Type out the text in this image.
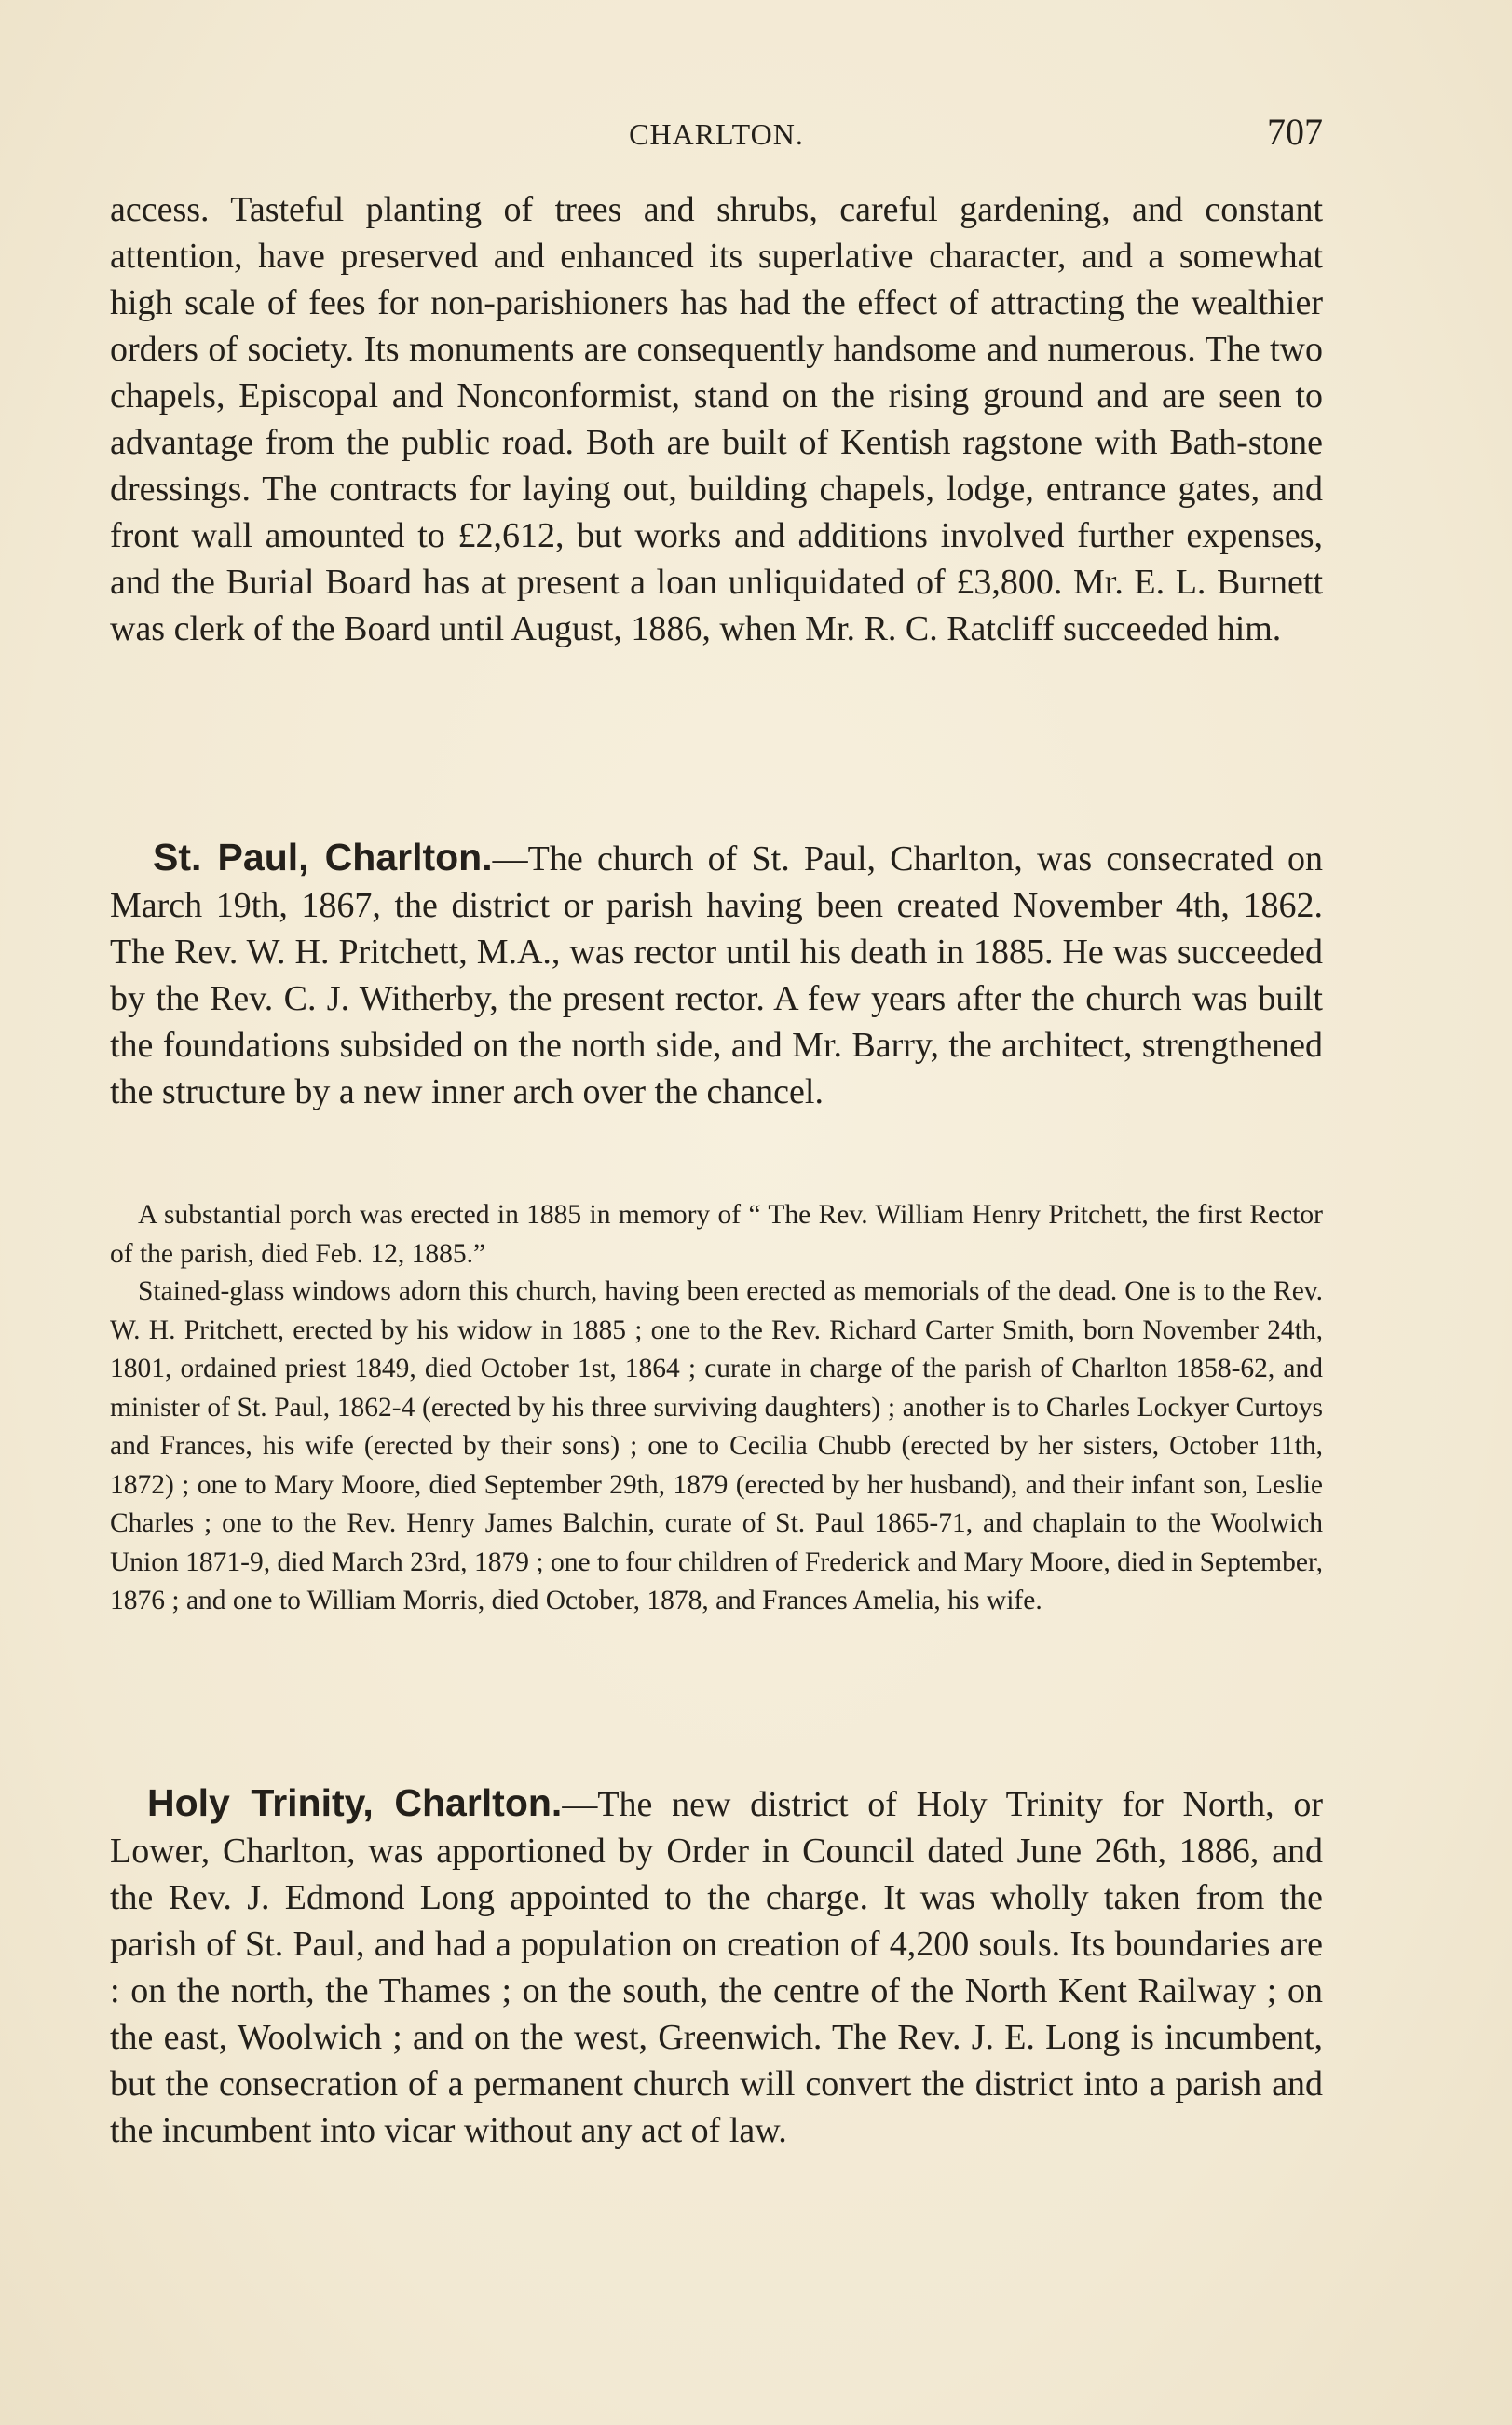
CHARLTON.	707

access. Tasteful planting of trees and shrubs, careful gardening, and constant attention, have preserved and enhanced its superlative character, and a somewhat high scale of fees for non-parishioners has had the effect of attracting the wealthier orders of society. Its monuments are consequently handsome and numerous. The two chapels, Episcopal and Nonconformist, stand on the rising ground and are seen to advantage from the public road. Both are built of Kentish ragstone with Bath-stone dressings. The contracts for laying out, building chapels, lodge, entrance gates, and front wall amounted to £2,612, but works and additions involved further expenses, and the Burial Board has at present a loan unliquidated of £3,800. Mr. E. L. Burnett was clerk of the Board until August, 1886, when Mr. R. C. Ratcliff succeeded him.

St. Paul, Charlton.—The church of St. Paul, Charlton, was consecrated on March 19th, 1867, the district or parish having been created November 4th, 1862. The Rev. W. H. Pritchett, M.A., was rector until his death in 1885. He was succeeded by the Rev. C. J. Witherby, the present rector. A few years after the church was built the foundations subsided on the north side, and Mr. Barry, the architect, strengthened the structure by a new inner arch over the chancel.

A substantial porch was erected in 1885 in memory of “ The Rev. William Henry Pritchett, the first Rector of the parish, died Feb. 12, 1885.”

Stained-glass windows adorn this church, having been erected as memorials of the dead. One is to the Rev. W. H. Pritchett, erected by his widow in 1885 ; one to the Rev. Richard Carter Smith, born November 24th, 1801, ordained priest 1849, died October 1st, 1864 ; curate in charge of the parish of Charlton 1858-62, and minister of St. Paul, 1862-4 (erected by his three surviving daughters) ; another is to Charles Lockyer Curtoys and Frances, his wife (erected by their sons) ; one to Cecilia Chubb (erected by her sisters, October 11th, 1872) ; one to Mary Moore, died September 29th, 1879 (erected by her husband), and their infant son, Leslie Charles ; one to the Rev. Henry James Balchin, curate of St. Paul 1865-71, and chaplain to the Woolwich Union 1871-9, died March 23rd, 1879 ; one to four children of Frederick and Mary Moore, died in September, 1876 ; and one to William Morris, died October, 1878, and Frances Amelia, his wife.

Holy Trinity, Charlton.—The new district of Holy Trinity for North, or Lower, Charlton, was apportioned by Order in Council dated June 26th, 1886, and the Rev. J. Edmond Long appointed to the charge. It was wholly taken from the parish of St. Paul, and had a population on creation of 4,200 souls. Its boundaries are : on the north, the Thames ; on the south, the centre of the North Kent Railway ; on the east, Woolwich ; and on the west, Greenwich. The Rev. J. E. Long is incumbent, but the consecration of a permanent church will convert the district into a parish and the incumbent into vicar without any act of law.
